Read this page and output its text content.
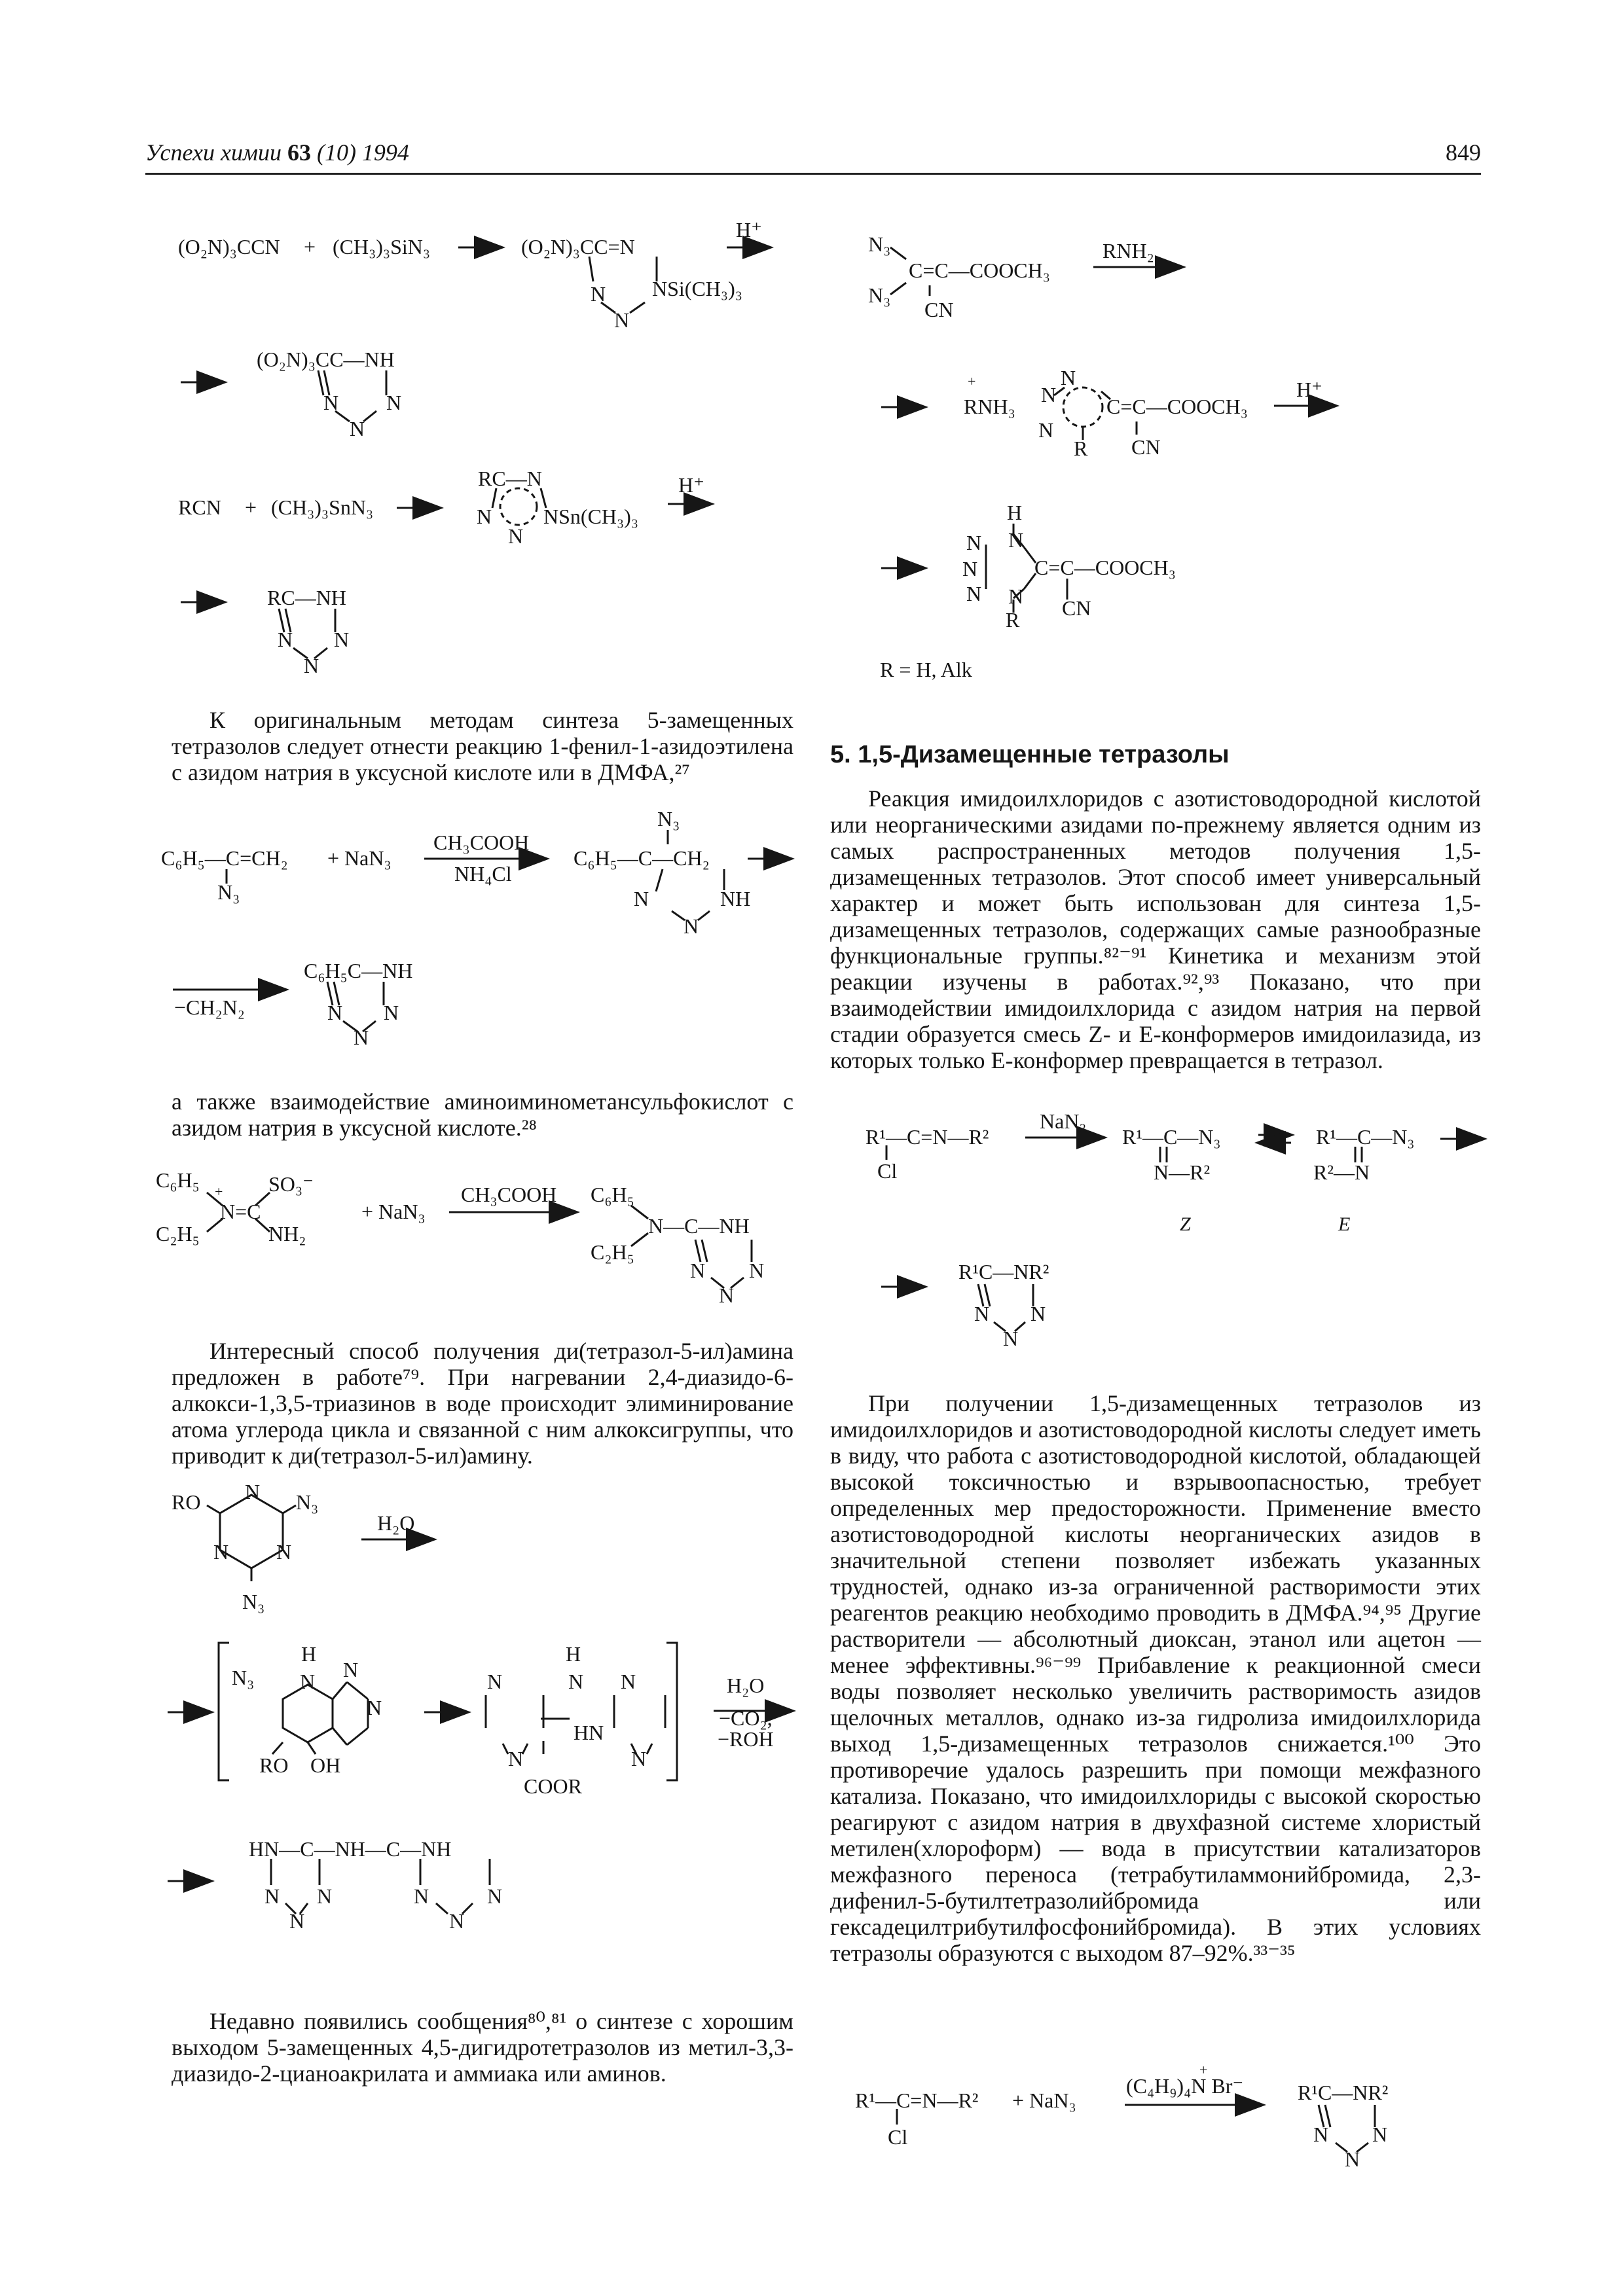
Успехи химии 63 (10) 1994	849

К оригинальным методам синтеза 5-замещенных тетразолов следует отнести реакцию 1-фенил-1-азидоэтилена с азидом натрия в уксусной кислоте или в ДМФА,²⁷

а также взаимодействие аминоиминометансульфокислот с азидом натрия в уксусной кислоте.²⁸

Интересный способ получения ди(тетразол-5-ил)амина предложен в работе⁷⁹. При нагревании 2,4-диазидо-6-алкокси-1,3,5-триазинов в воде происходит элиминирование атома углерода цикла и связанной с ним алкоксигруппы, что приводит к ди(тетразол-5-ил)амину.

Недавно появились сообщения⁸⁰,⁸¹ о синтезе с хорошим выходом 5-замещенных 4,5-дигидротетразолов из метил-3,3-диазидо-2-цианоакрилата и аммиака или аминов.

5. 1,5-Дизамещенные тетразолы

Реакция имидоилхлоридов с азотистоводородной кислотой или неорганическими азидами по-прежнему является одним из самых распространенных методов получения 1,5-дизамещенных тетразолов. Этот способ имеет универсальный характер и может быть использован для синтеза 1,5-дизамещенных тетразолов, содержащих самые разнообразные функциональные группы.⁸²⁻⁹¹ Кинетика и механизм этой реакции изучены в работах.⁹²,⁹³ Показано, что при взаимодействии имидоилхлорида с азидом натрия на первой стадии образуется смесь Z- и E-конформеров имидоилазида, из которых только E-конформер превращается в тетразол.

При получении 1,5-дизамещенных тетразолов из имидоилхлоридов и азотистоводородной кислоты следует иметь в виду, что работа с азотистоводородной кислотой, обладающей высокой токсичностью и взрывоопасностью, требует определенных мер предосторожности. Применение вместо азотистоводородной кислоты неорганических азидов в значительной степени позволяет избежать указанных трудностей, однако из-за ограниченной растворимости этих реагентов реакцию необходимо проводить в ДМФА.⁹⁴,⁹⁵ Другие растворители — абсолютный диоксан, этанол или ацетон — менее эффективны.⁹⁶⁻⁹⁹ Прибавление к реакционной смеси воды позволяет несколько увеличить растворимость азидов щелочных металлов, однако из-за гидролиза имидоилхлорида выход 1,5-дизамещенных тетразолов снижается.¹⁰⁰ Это противоречие удалось разрешить при помощи межфазного катализа. Показано, что имидоилхлориды с высокой скоростью реагируют с азидом натрия в двухфазной системе хлористый метилен(хлороформ) — вода в присутствии катализаторов межфазного переноса (тетрабутиламмонийбромида, 2,3-дифенил-5-бутилтетразолийбромида или гексадецилтрибутилфосфонийбромида). В этих условиях тетразолы образуются с выходом 87–92%.³³⁻³⁵

(O₂N)₃CCN + (CH₃)₃SiN₃	(O₂N)₃CC=N
N
N
NSi(CH₃)₃
H⁺
(O₂N)₃CC—NH
N N
N
RCN + (CH₃)₃SnN₃
RC—N
N
N
NSn(CH₃)₃
H⁺
RC—NH
N N
N
C₆H₅—C=CH₂
N₃
+ NaN₃
CH₃COOH
NH₄Cl
N₃
C₆H₅—C—CH₂
N
N
NH
−CH₂N₂
C₆H₅C—NH
N N
N
C₆H₅ +
C₂H₅
N=C
SO₃⁻
NH₂
+ NaN₃
CH₃COOH C₆H₅
C₂H₅
N—C—NH
N N
N
RO	N₃
N₃
N
N N
H₂O
N₃
H
N N
N
RO OH
N
H
N N
N
COOR
HN
N
H₂O
−CO₂,
−ROH
HN—C—NH—C—NH
N N
N
N	N
N
N₃
N₃
C=C—COOCH₃
CN
RNH₂
+
RNH₃
N
N
N
R
C=C—COOCH₃
CN
H⁺
H
N N
N
N N
R
C=C—COOCH₃
CN
R = H, Alk
R¹—C=N—R²
Cl
NaN₃
R¹—C—N₃
N—R²
R¹—C—N₃
R²—N
Z	E
R¹C—NR²
N N
N
R¹—C=N—R²
Cl
+ NaN₃
+
(C₄H₉)₄N Br⁻	R¹C—NR²
N N
N
